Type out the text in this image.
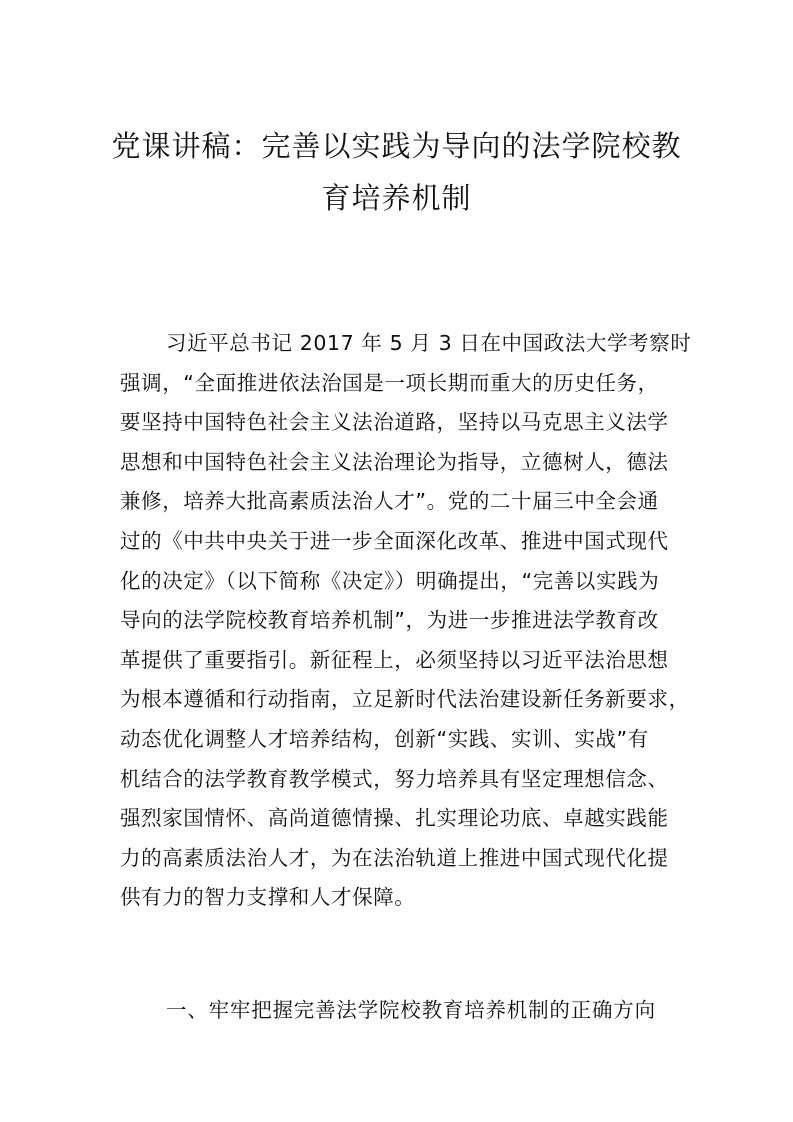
党课讲稿：完善以实践为导向的法学院校教
育培养机制
习近平总书记 2017 年 5 月 3 日在中国政法大学考察时
强调，“全面推进依法治国是一项长期而重大的历史任务，
要坚持中国特色社会主义法治道路，坚持以马克思主义法学
思想和中国特色社会主义法治理论为指导，立德树人，德法
兼修，培养大批高素质法治人才”。党的二十届三中全会通
过的《中共中央关于进一步全面深化改革、推进中国式现代
化的决定》（以下简称《决定》）明确提出，“完善以实践为
导向的法学院校教育培养机制”，为进一步推进法学教育改
革提供了重要指引。新征程上，必须坚持以习近平法治思想
为根本遵循和行动指南，立足新时代法治建设新任务新要求，
动态优化调整人才培养结构，创新“实践、实训、实战”有
机结合的法学教育教学模式，努力培养具有坚定理想信念、
强烈家国情怀、高尚道德情操、扎实理论功底、卓越实践能
力的高素质法治人才，为在法治轨道上推进中国式现代化提
供有力的智力支撑和人才保障。
一、牢牢把握完善法学院校教育培养机制的正确方向
